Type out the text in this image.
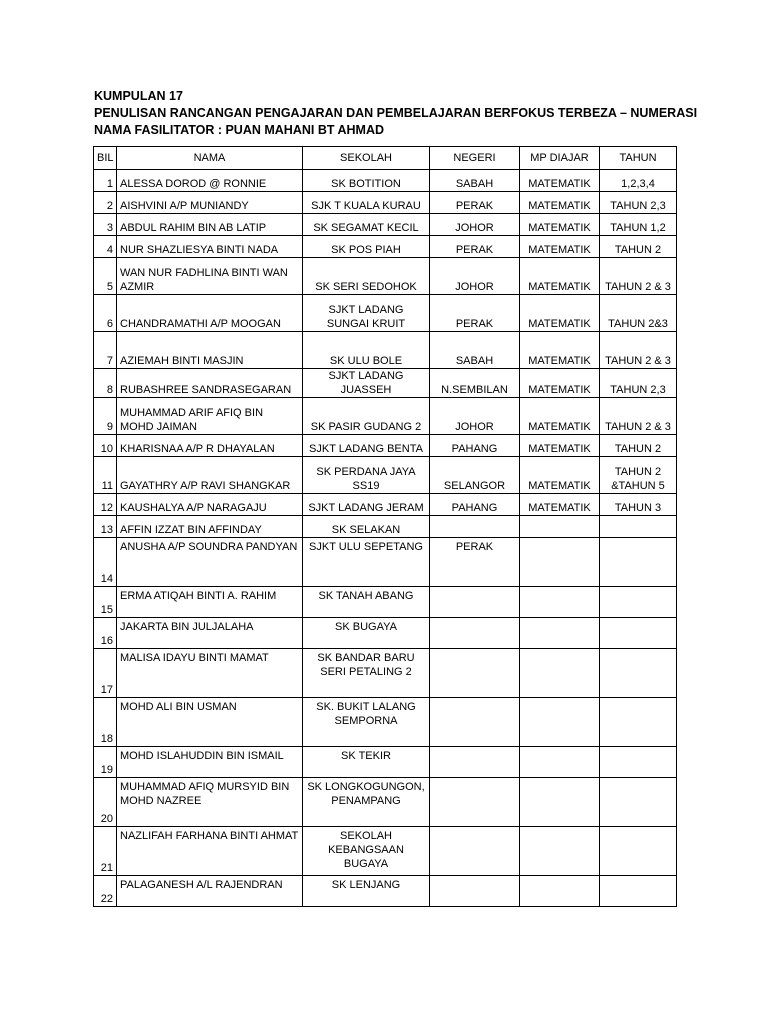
KUMPULAN 17
PENULISAN RANCANGAN PENGAJARAN DAN PEMBELAJARAN BERFOKUS TERBEZA – NUMERASI
NAMA FASILITATOR : PUAN MAHANI BT AHMAD
BIL	NAMA	SEKOLAH	NEGERI	MP DIAJAR	TAHUN
1	ALESSA DOROD @ RONNIE	SK BOTITION	SABAH	MATEMATIK	1,2,3,4
2	AISHVINI A/P MUNIANDY	SJK T KUALA KURAU	PERAK	MATEMATIK	TAHUN 2,3
3	ABDUL RAHIM BIN AB LATIP	SK SEGAMAT KECIL	JOHOR	MATEMATIK	TAHUN 1,2
4	NUR SHAZLIESYA BINTI NADA	SK POS PIAH	PERAK	MATEMATIK	TAHUN 2
5	WAN NUR FADHLINA BINTI WAN AZMIR	SK SERI SEDOHOK	JOHOR	MATEMATIK	TAHUN 2 & 3
6	CHANDRAMATHI A/P MOOGAN	SJKT LADANG SUNGAI KRUIT	PERAK	MATEMATIK	TAHUN 2&3
7	AZIEMAH BINTI MASJIN	SK ULU BOLE	SABAH	MATEMATIK	TAHUN 2 & 3
8	RUBASHREE SANDRASEGARAN	SJKT LADANG JUASSEH	N.SEMBILAN	MATEMATIK	TAHUN 2,3
9	MUHAMMAD ARIF AFIQ BIN MOHD JAIMAN	SK PASIR GUDANG 2	JOHOR	MATEMATIK	TAHUN 2 & 3
10	KHARISNAA A/P R DHAYALAN	SJKT LADANG BENTA	PAHANG	MATEMATIK	TAHUN 2
11	GAYATHRY A/P RAVI SHANGKAR	SK PERDANA JAYA SS19	SELANGOR	MATEMATIK	TAHUN 2 &TAHUN 5
12	KAUSHALYA A/P NARAGAJU	SJKT LADANG JERAM	PAHANG	MATEMATIK	TAHUN 3
13	AFFIN IZZAT BIN AFFINDAY	SK SELAKAN			
14	ANUSHA A/P SOUNDRA PANDYAN	SJKT ULU SEPETANG	PERAK		
15	ERMA ATIQAH BINTI A. RAHIM	SK TANAH ABANG			
16	JAKARTA BIN JULJALAHA	SK BUGAYA			
17	MALISA IDAYU BINTI MAMAT	SK BANDAR BARU SERI PETALING 2			
18	MOHD ALI BIN USMAN	SK. BUKIT LALANG SEMPORNA			
19	MOHD ISLAHUDDIN BIN ISMAIL	SK TEKIR			
20	MUHAMMAD AFIQ MURSYID BIN MOHD NAZREE	SK LONGKOGUNGON, PENAMPANG			
21	NAZLIFAH FARHANA BINTI AHMAT	SEKOLAH KEBANGSAAN BUGAYA			
22	PALAGANESH A/L RAJENDRAN	SK LENJANG			
